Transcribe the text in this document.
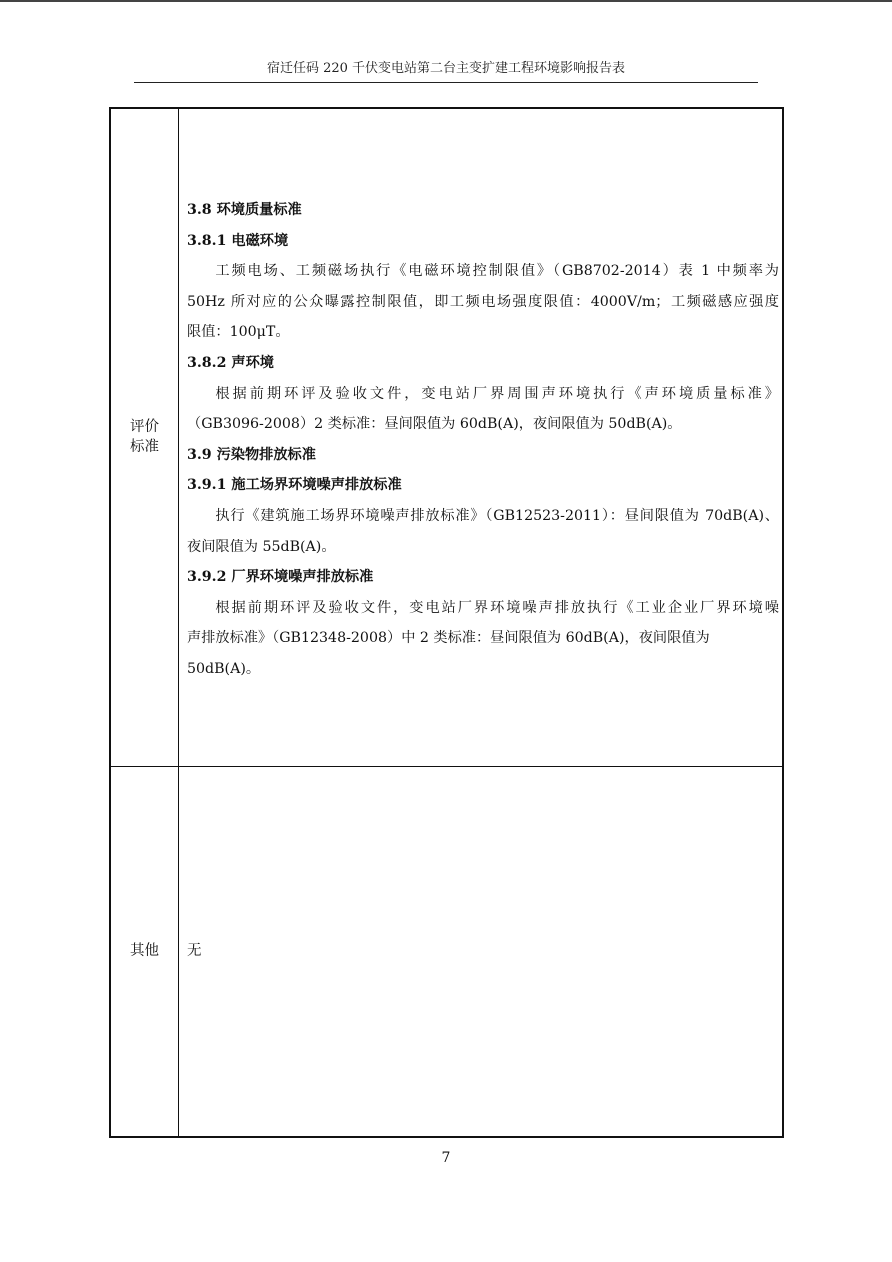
宿迁任码 220 千伏变电站第二台主变扩建工程环境影响报告表
评价
标准

3.8 环境质量标准

3.8.1 电磁环境

工频电场、工频磁场执行《电磁环境控制限值》（GB8702-2014）表 1 中频率为

50Hz 所对应的公众曝露控制限值，即工频电场强度限值：4000V/m；工频磁感应强度

限值：100μT。

3.8.2 声环境

根据前期环评及验收文件，变电站厂界周围声环境执行《声环境质量标准》

（GB3096-2008）2 类标准：昼间限值为 60dB(A)，夜间限值为 50dB(A)。

3.9 污染物排放标准

3.9.1 施工场界环境噪声排放标准

执行《建筑施工场界环境噪声排放标准》（GB12523-2011）：昼间限值为 70dB(A)、

夜间限值为 55dB(A)。

3.9.2 厂界环境噪声排放标准

根据前期环评及验收文件，变电站厂界环境噪声排放执行《工业企业厂界环境噪

声排放标准》（GB12348-2008）中 2 类标准：昼间限值为 60dB(A)，夜间限值为 50dB(A)。

其他	无
7
